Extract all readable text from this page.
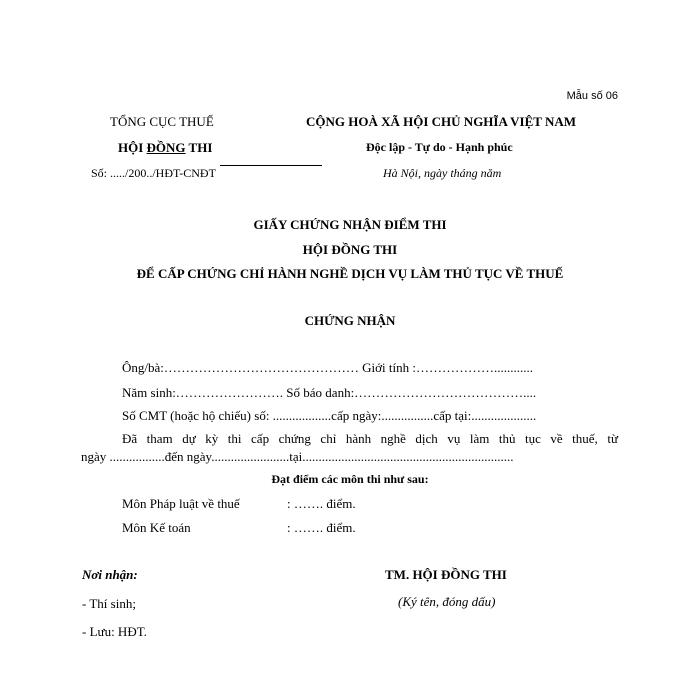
Mẫu số 06
TỔNG CỤC THUẾ
HỘI ĐỒNG THI
Số: ...../200../HĐT-CNĐT
CỘNG HOÀ XÃ HỘI CHỦ NGHĨA VIỆT NAM
Độc lập - Tự do - Hạnh phúc
Hà Nội, ngày tháng năm
GIẤY CHỨNG NHẬN ĐIỂM THI
HỘI ĐỒNG THI
ĐỂ CẤP CHỨNG CHỈ HÀNH NGHỀ DỊCH VỤ LÀM THỦ TỤC VỀ THUẾ
CHỨNG NHẬN
Ông/bà:……………………………………… Giới tính :………………............
Năm sinh:……………………. Số báo danh:…………………………………....
Số CMT (hoặc hộ chiếu) số: ..................cấp ngày:................cấp tại:....................
Đã tham dự kỳ thi cấp chứng chỉ hành nghề dịch vụ làm thủ tục về thuế, từ
ngày .................đến ngày........................tại.................................................................
Đạt điểm các môn thi như sau:
Môn Pháp luật về thuế	: ……. điểm.
Môn Kế toán	: ……. điểm.
Nơi nhận:
- Thí sinh;
- Lưu: HĐT.
TM. HỘI ĐỒNG THI
(Ký tên, đóng dấu)
